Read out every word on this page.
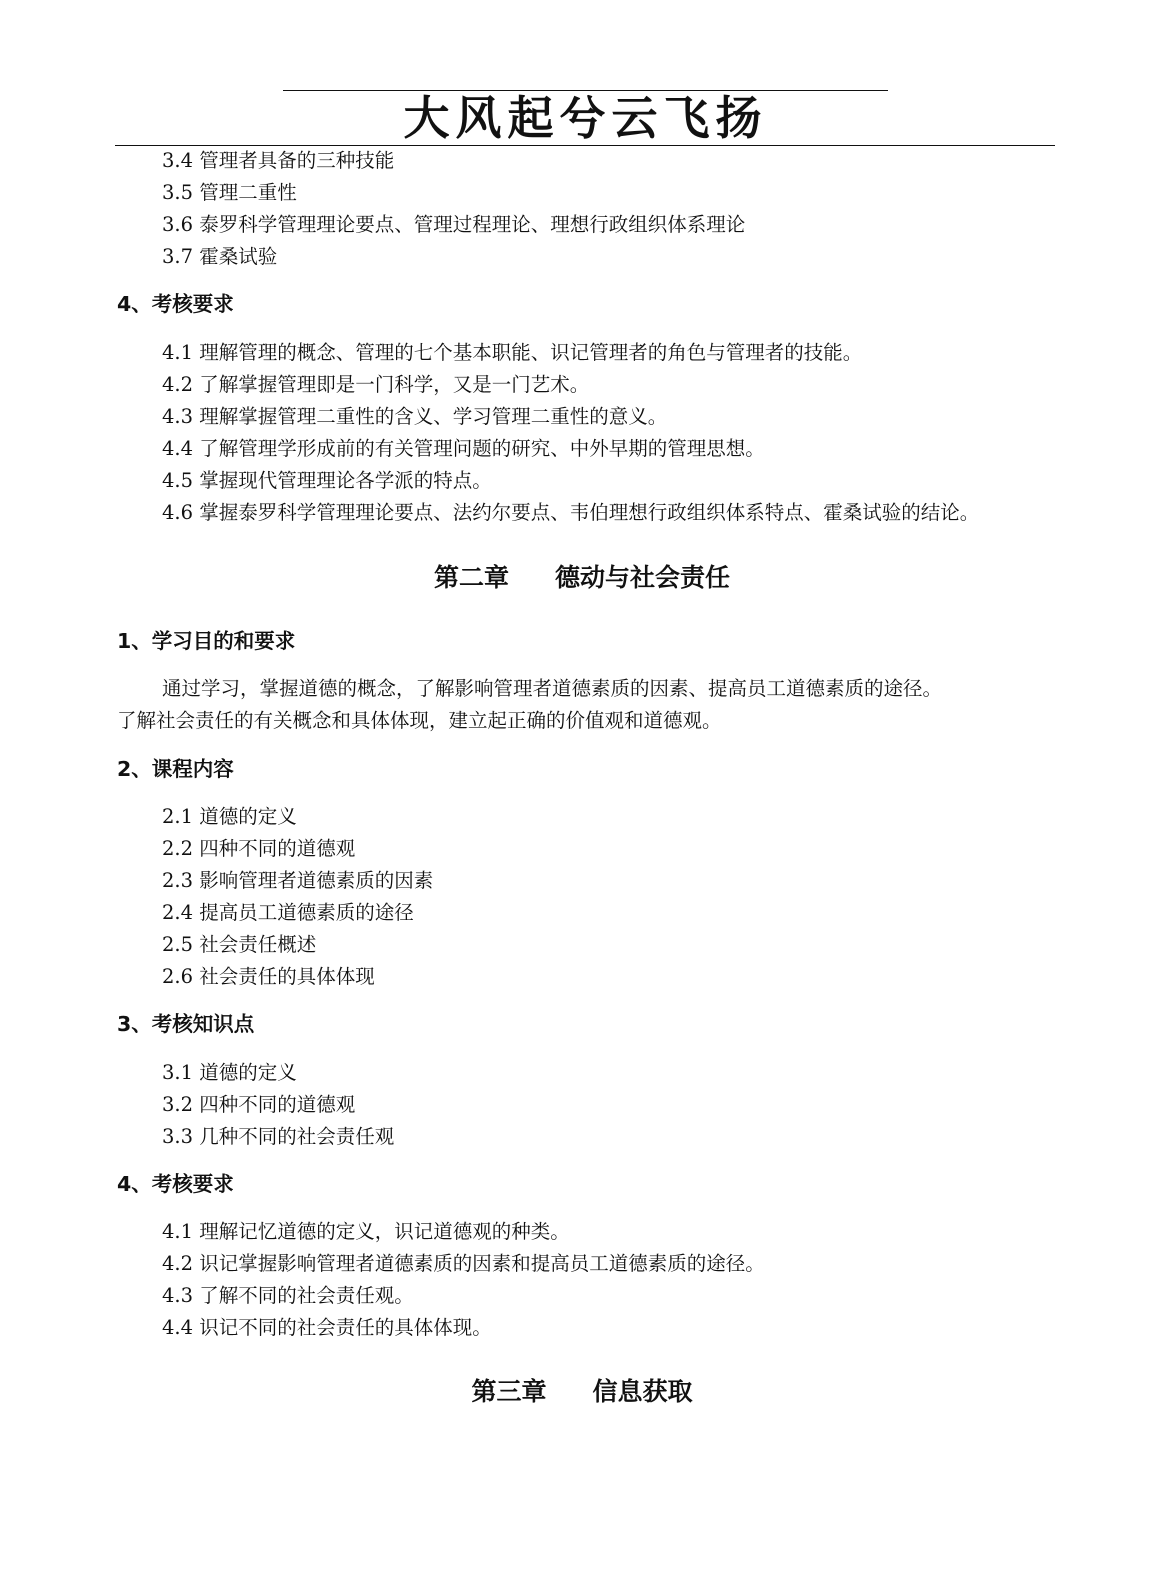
大风起兮云飞扬
3.4 管理者具备的三种技能
3.5 管理二重性
3.6 泰罗科学管理理论要点、管理过程理论、理想行政组织体系理论
3.7 霍桑试验
4、考核要求
4.1 理解管理的概念、管理的七个基本职能、识记管理者的角色与管理者的技能。
4.2 了解掌握管理即是一门科学，又是一门艺术。
4.3 理解掌握管理二重性的含义、学习管理二重性的意义。
4.4 了解管理学形成前的有关管理问题的研究、中外早期的管理思想。
4.5 掌握现代管理理论各学派的特点。
4.6 掌握泰罗科学管理理论要点、法约尔要点、韦伯理想行政组织体系特点、霍桑试验的结论。
第二章 德动与社会责任
1、学习目的和要求
通过学习，掌握道德的概念，了解影响管理者道德素质的因素、提高员工道德素质的途径。
了解社会责任的有关概念和具体体现，建立起正确的价值观和道德观。
2、课程内容
2.1 道德的定义
2.2 四种不同的道德观
2.3 影响管理者道德素质的因素
2.4 提高员工道德素质的途径
2.5 社会责任概述
2.6 社会责任的具体体现
3、考核知识点
3.1 道德的定义
3.2 四种不同的道德观
3.3 几种不同的社会责任观
4、考核要求
4.1 理解记忆道德的定义，识记道德观的种类。
4.2 识记掌握影响管理者道德素质的因素和提高员工道德素质的途径。
4.3 了解不同的社会责任观。
4.4 识记不同的社会责任的具体体现。
第三章 信息获取
